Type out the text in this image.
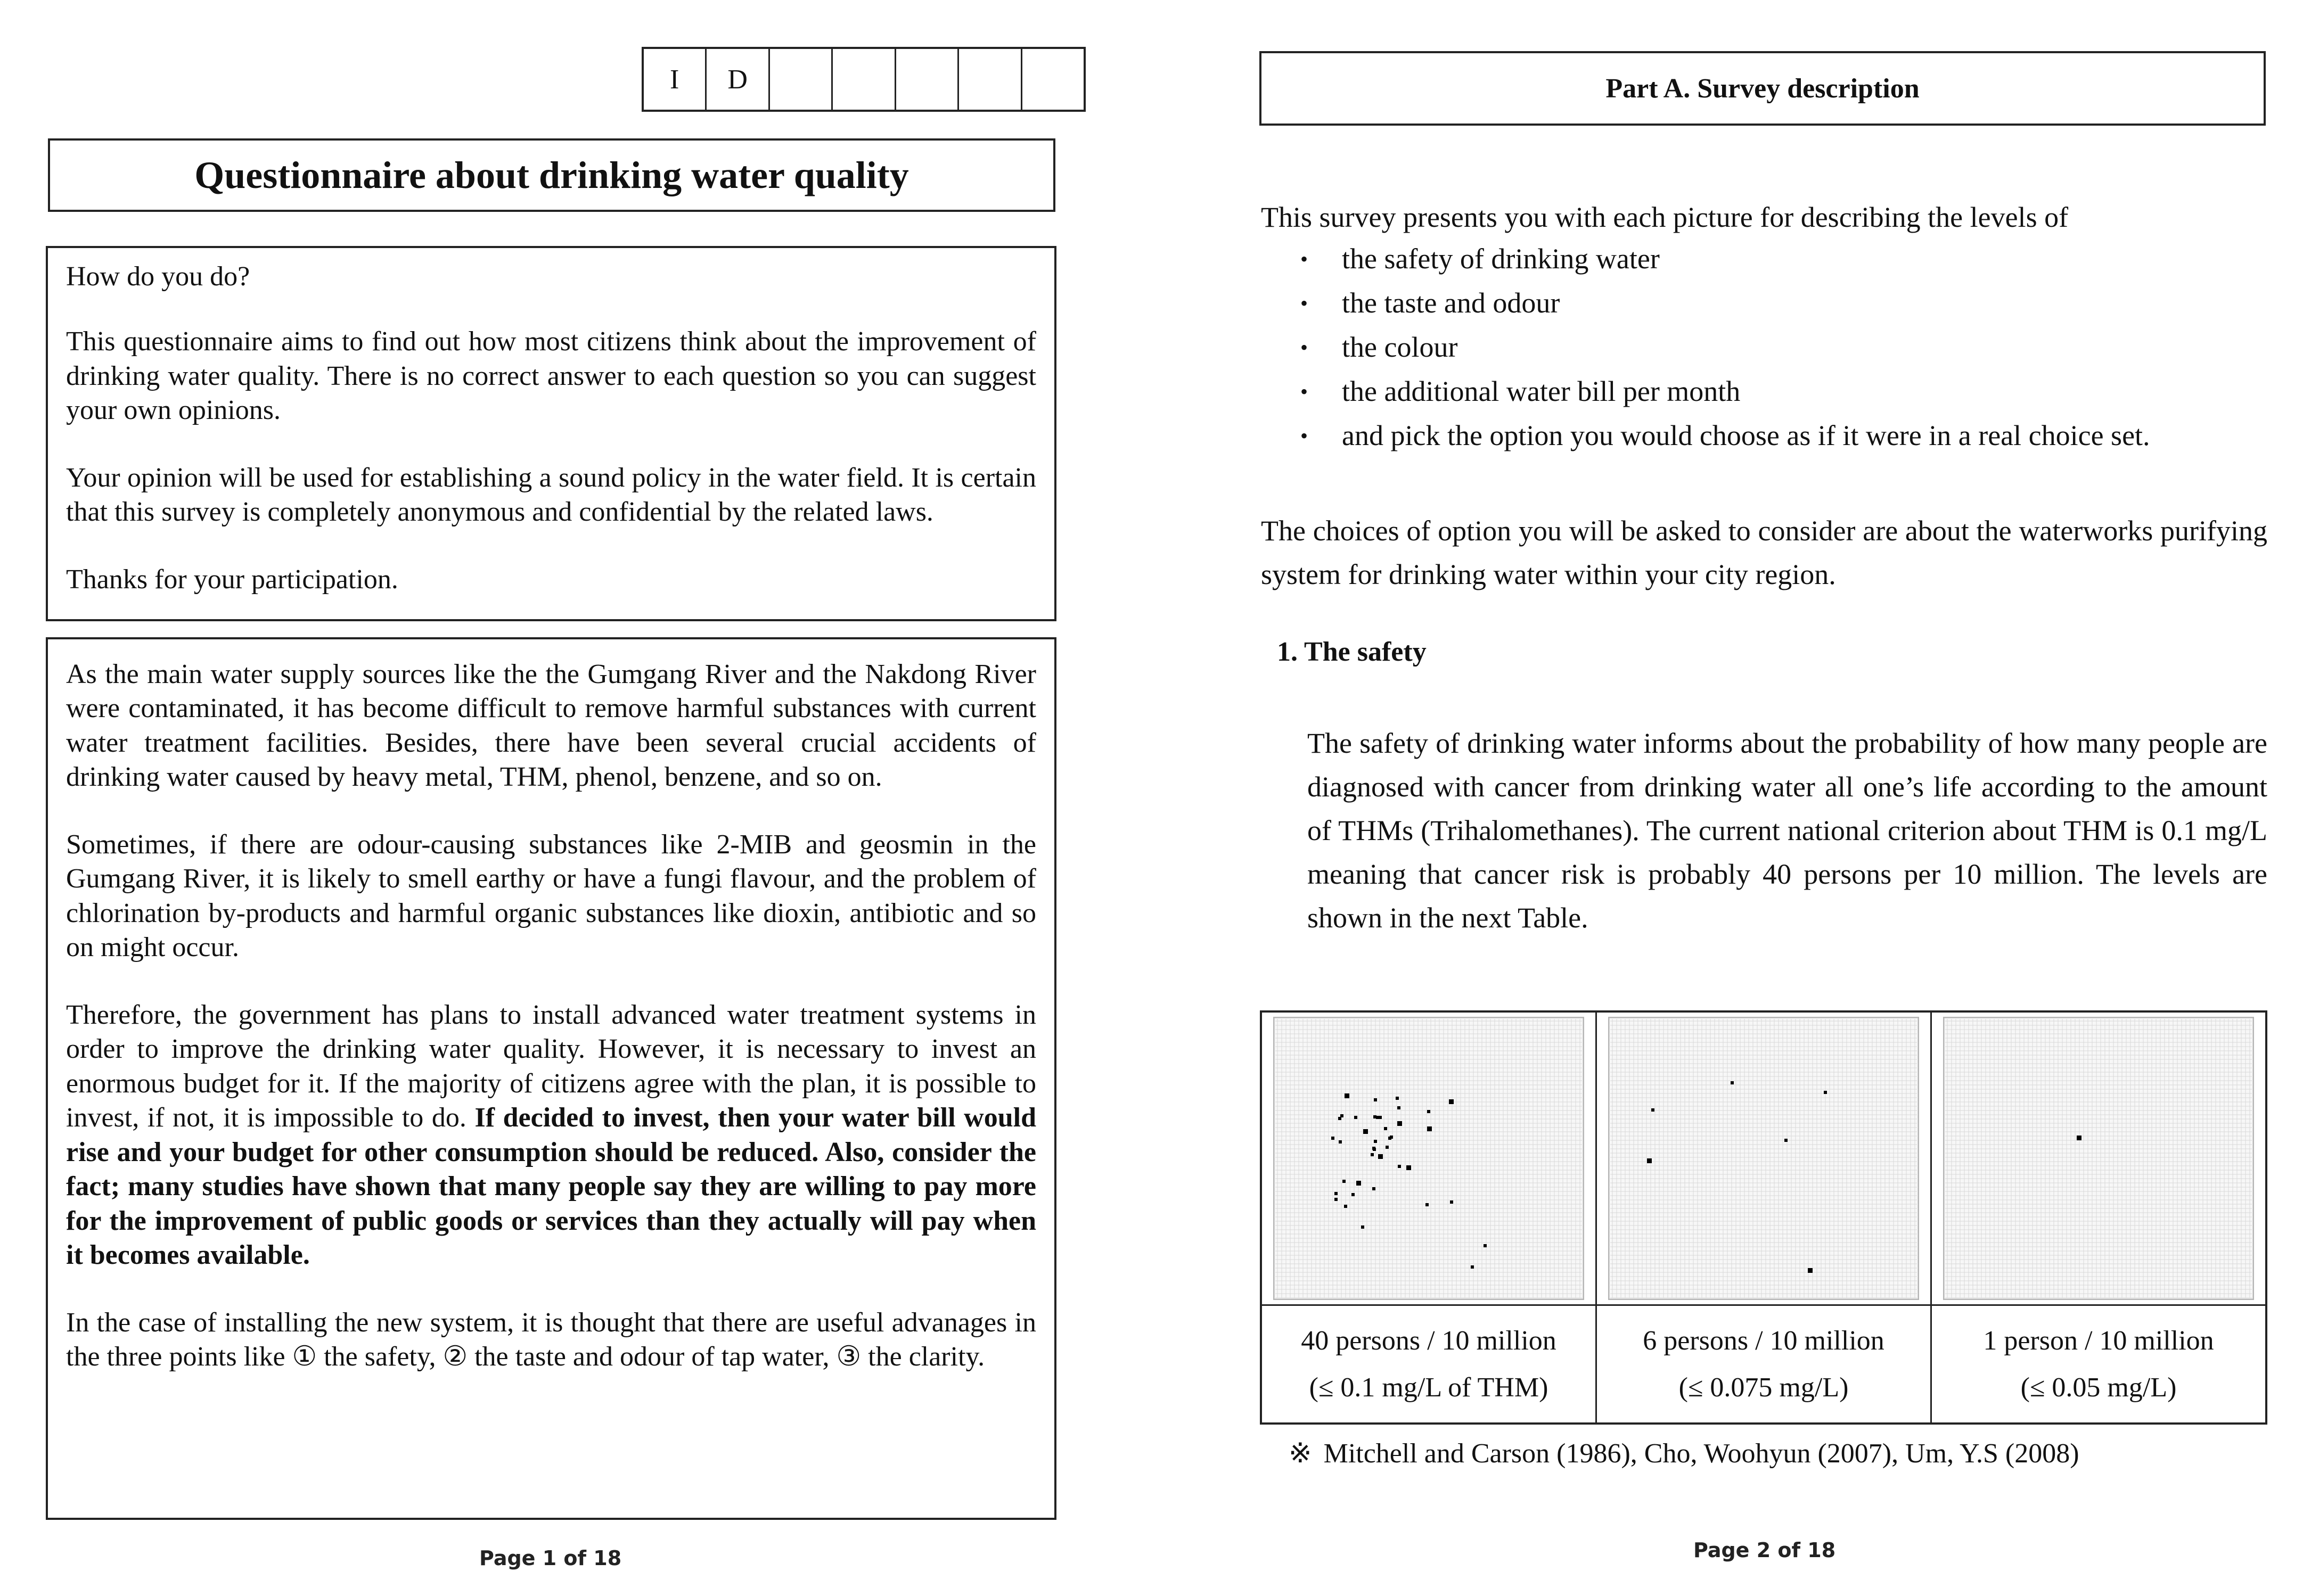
I	D
Questionnaire about drinking water quality

How do you do?

This questionnaire aims to find out how most citizens think about the improvement of drinking water quality. There is no correct answer to each question so you can suggest your own opinions.

Your opinion will be used for establishing a sound policy in the water field. It is certain that this survey is completely anonymous and confidential by the related laws.

Thanks for your participation.

As the main water supply sources like the the Gumgang River and the Nakdong River were contaminated, it has become difficult to remove harmful substances with current water treatment facilities. Besides, there have been several crucial accidents of drinking water caused by heavy metal, THM, phenol, benzene, and so on.

Sometimes, if there are odour-causing substances like 2-MIB and geosmin in the Gumgang River, it is likely to smell earthy or have a fungi flavour, and the problem of chlorination by-products and harmful organic substances like dioxin, antibiotic and so on might occur.

Therefore, the government has plans to install advanced water treatment systems in order to improve the drinking water quality. However, it is necessary to invest an enormous budget for it. If the majority of citizens agree with the plan, it is possible to invest, if not, it is impossible to do. If decided to invest, then your water bill would rise and your budget for other consumption should be reduced. Also, consider the fact; many studies have shown that many people say they are willing to pay more for the improvement of public goods or services than they actually will pay when it becomes available.

In the case of installing the new system, it is thought that there are useful advanages in the three points like ① the safety, ② the taste and odour of tap water, ③ the clarity.

Page 1 of 18
Part A. Survey description
This survey presents you with each picture for describing the levels of
• the safety of drinking water
• the taste and odour
• the colour
• the additional water bill per month
• and pick the option you would choose as if it were in a real choice set.
The choices of option you will be asked to consider are about the waterworks purifying system for drinking water within your city region.
1. The safety
The safety of drinking water informs about the probability of how many people are diagnosed with cancer from drinking water all one’s life according to the amount of THMs (Trihalomethanes). The current national criterion about THM is 0.1 mg/L meaning that cancer risk is probably 40 persons per 10 million. The levels are shown in the next Table.
40 persons / 10 million
(≤ 0.1 mg/L of THM)
6 persons / 10 million
(≤ 0.075 mg/L)
1 person / 10 million
(≤ 0.05 mg/L)
※ Mitchell and Carson (1986), Cho, Woohyun (2007), Um, Y.S (2008)
Page 2 of 18
